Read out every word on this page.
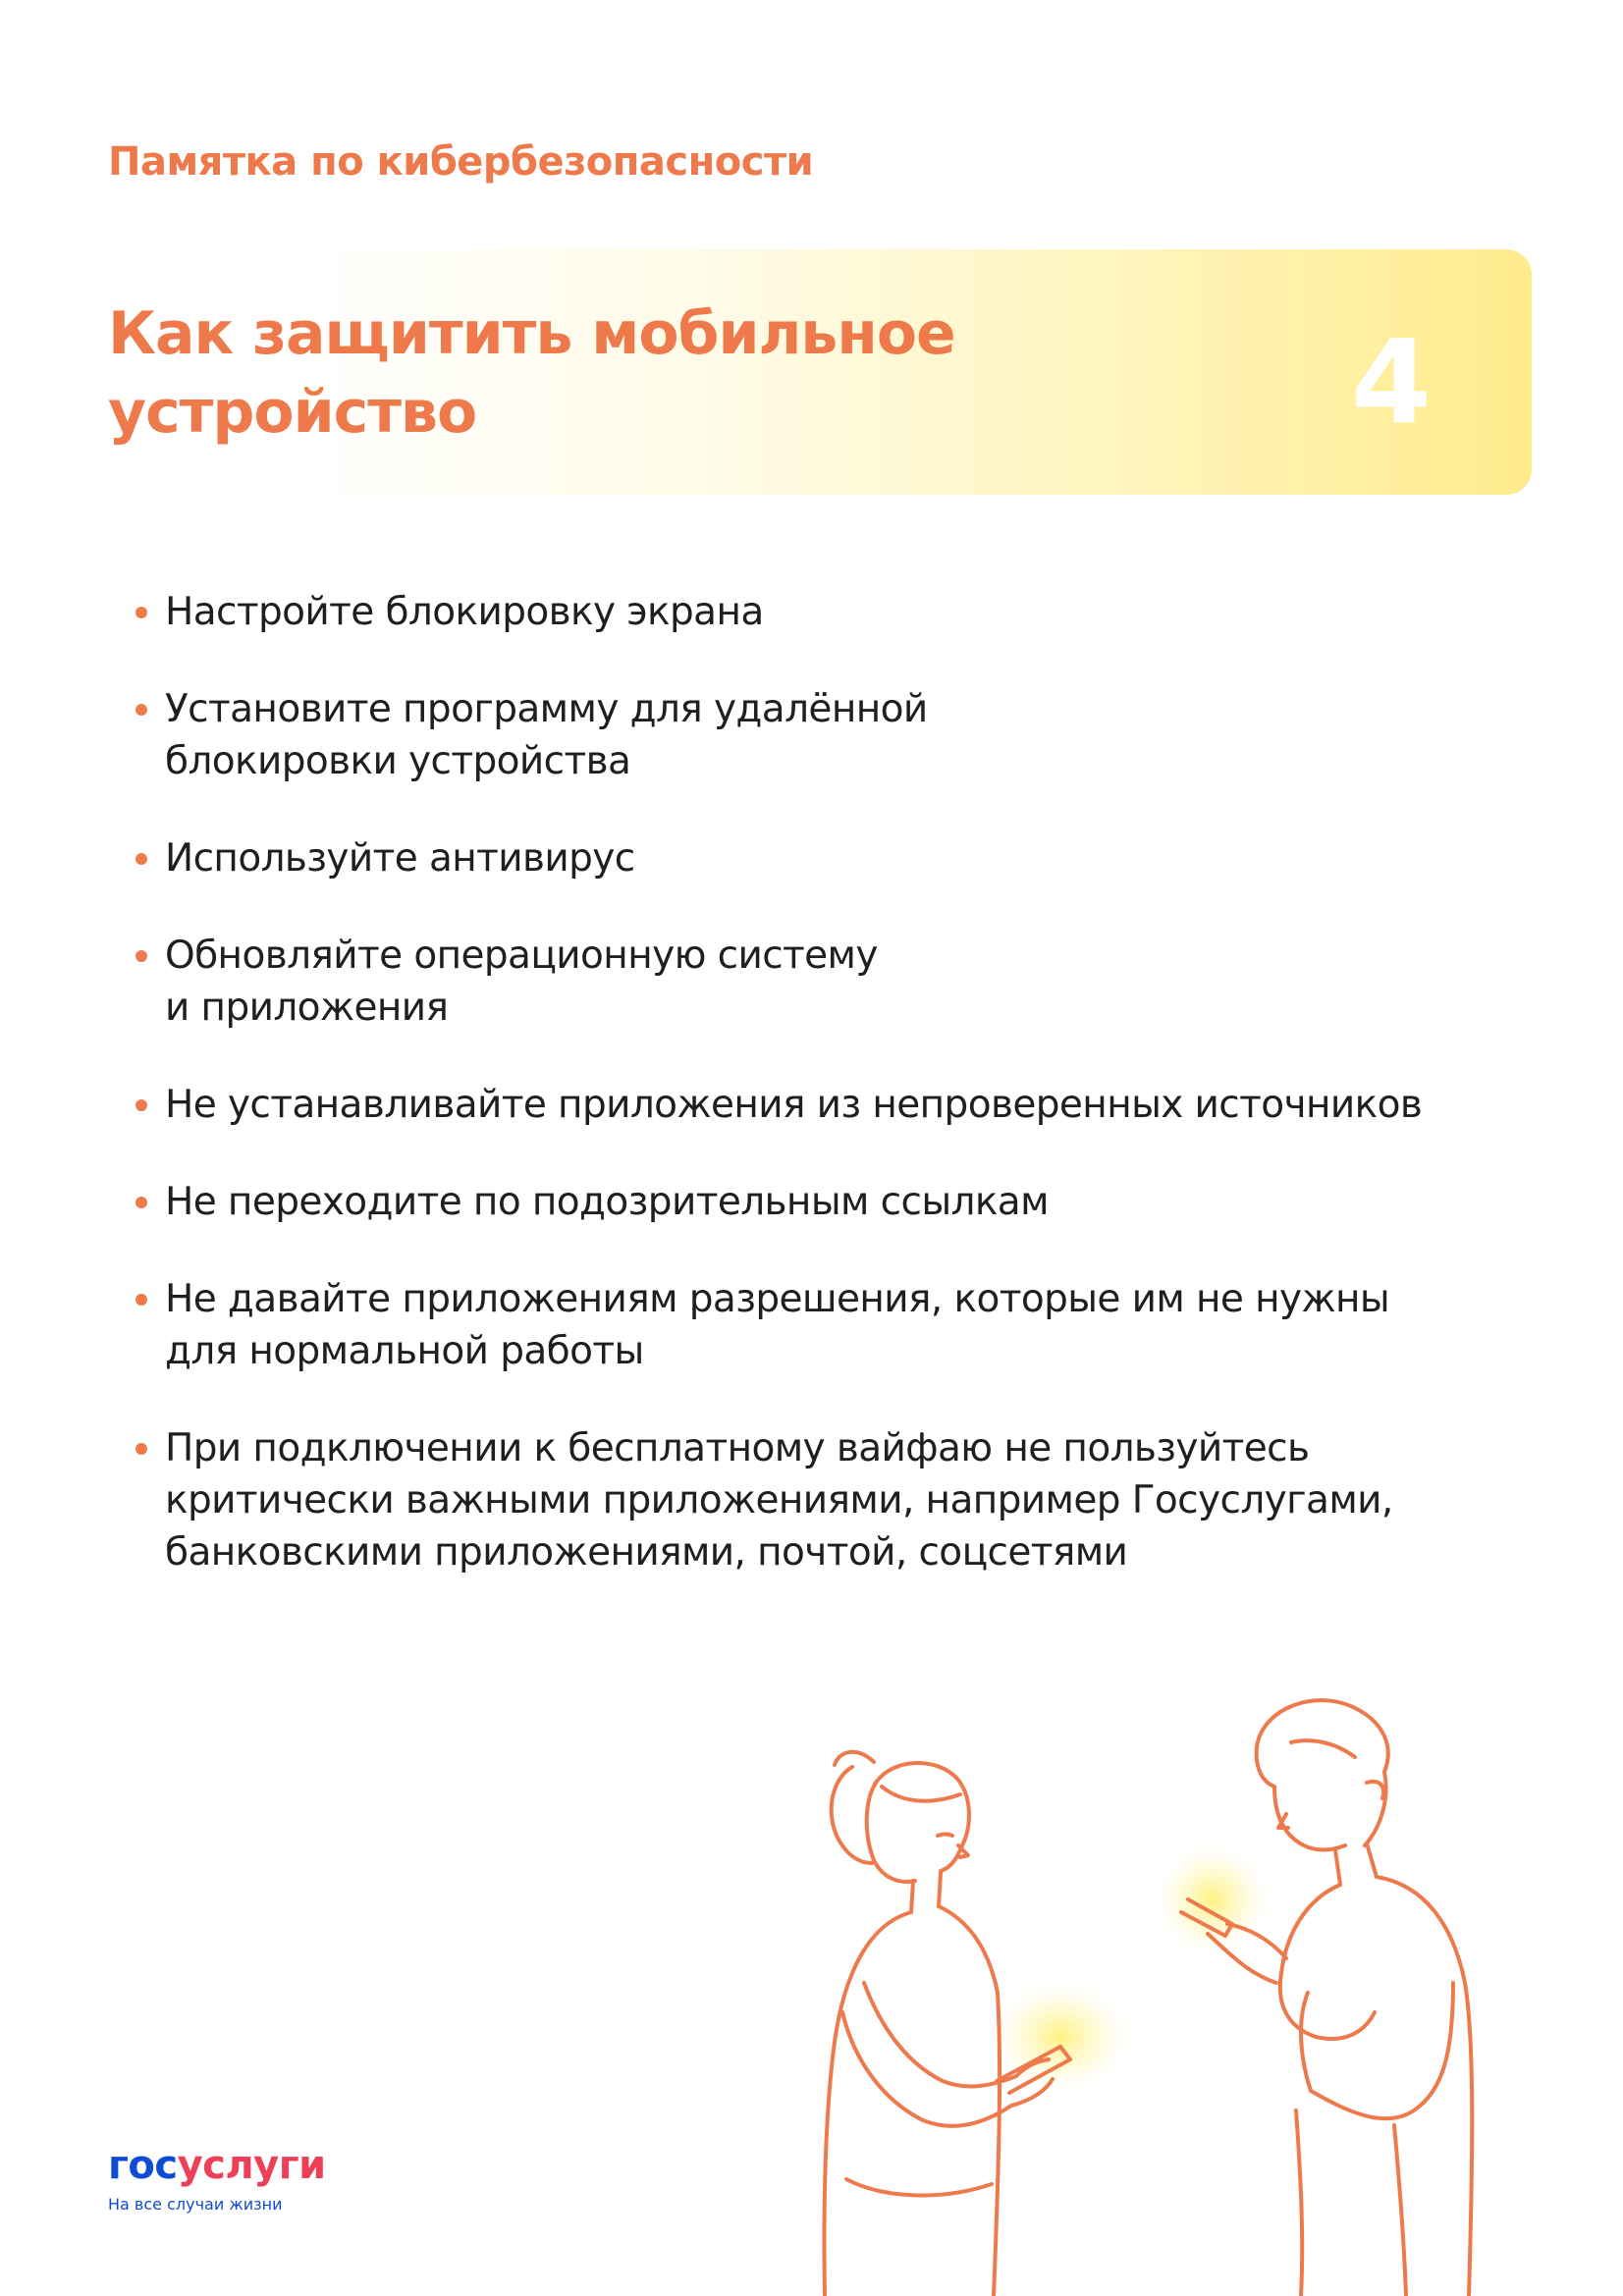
Памятка по кибербезопасности
Как защитить мобильное устройство	4
Настройте блокировку экрана
Установите программу для удалённой
блокировки устройства
Используйте антивирус
Обновляйте операционную систему
и приложения
Не устанавливайте приложения из непроверенных источников
Не переходите по подозрительным ссылкам
Не давайте приложениям разрешения, которые им не нужны
для нормальной работы
При подключении к бесплатному вайфаю не пользуйтесь
критически важными приложениями, например Госуслугами,
банковскими приложениями, почтой, соцсетями
госуслуги
На все случаи жизни
